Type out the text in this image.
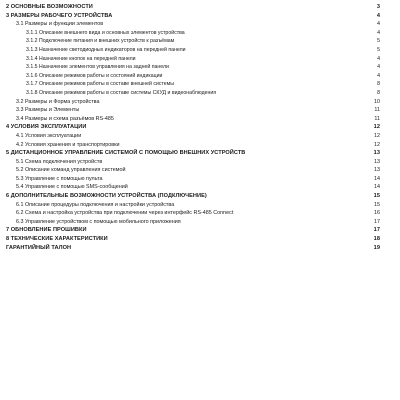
2 ОСНОВНЫЕ ВОЗМОЖНОСТИ	3
3 РАЗМЕРЫ РАБОЧЕГО УСТРОЙСТВА	4
3.1 Размеры и функции элементов	4
3.1.1 Описание внешнего вида и основных элементов устройства	4
3.1.2 Подключение питания и внешних устройств к разъёмам	5
3.1.3 Назначение светодиодных индикаторов на передней панели	5
3.1.4 Назначение кнопок на передней панели	4
3.1.5 Назначение элементов управления на задней панели	4
3.1.6 Описание режимов работы и состояний индикации	4
3.1.7 Описание режимов работы в составе внешней системы	8
3.1.8 Описание режимов работы в составе системы СКУД и видеонаблюдения	8
3.2 Размеры и Форма устройства	10
3.3 Размеры и Элементы	11
3.4 Размеры и схема разъёмов RS-485	11
4 УСЛОВИЯ ЭКСПЛУАТАЦИИ	12
4.1 Условия эксплуатации	12
4.2 Условия хранения и транспортировки	12
5 ДИСТАНЦИОННОЕ УПРАВЛЕНИЕ СИСТЕМОЙ С ПОМОЩЬЮ ВНЕШНИХ УСТРОЙСТВ	13
5.1 Схема подключения устройств	13
5.2 Описание команд управления системой	13
5.3 Управление с помощью пульта	14
5.4 Управление с помощью SMS-сообщений	14
6 ДОПОЛНИТЕЛЬНЫЕ ВОЗМОЖНОСТИ УСТРОЙСТВА (ПОДКЛЮЧЕНИЕ)	15
6.1 Описание процедуры подключения и настройки устройства	15
6.2 Схема и настройка устройства при подключении через интерфейс RS-485 Connect	16
6.3 Управление устройством с помощью мобильного приложения	17
7 ОБНОВЛЕНИЕ ПРОШИВКИ	17
8 ТЕХНИЧЕСКИЕ ХАРАКТЕРИСТИКИ	18
ГАРАНТИЙНЫЙ ТАЛОН	19
